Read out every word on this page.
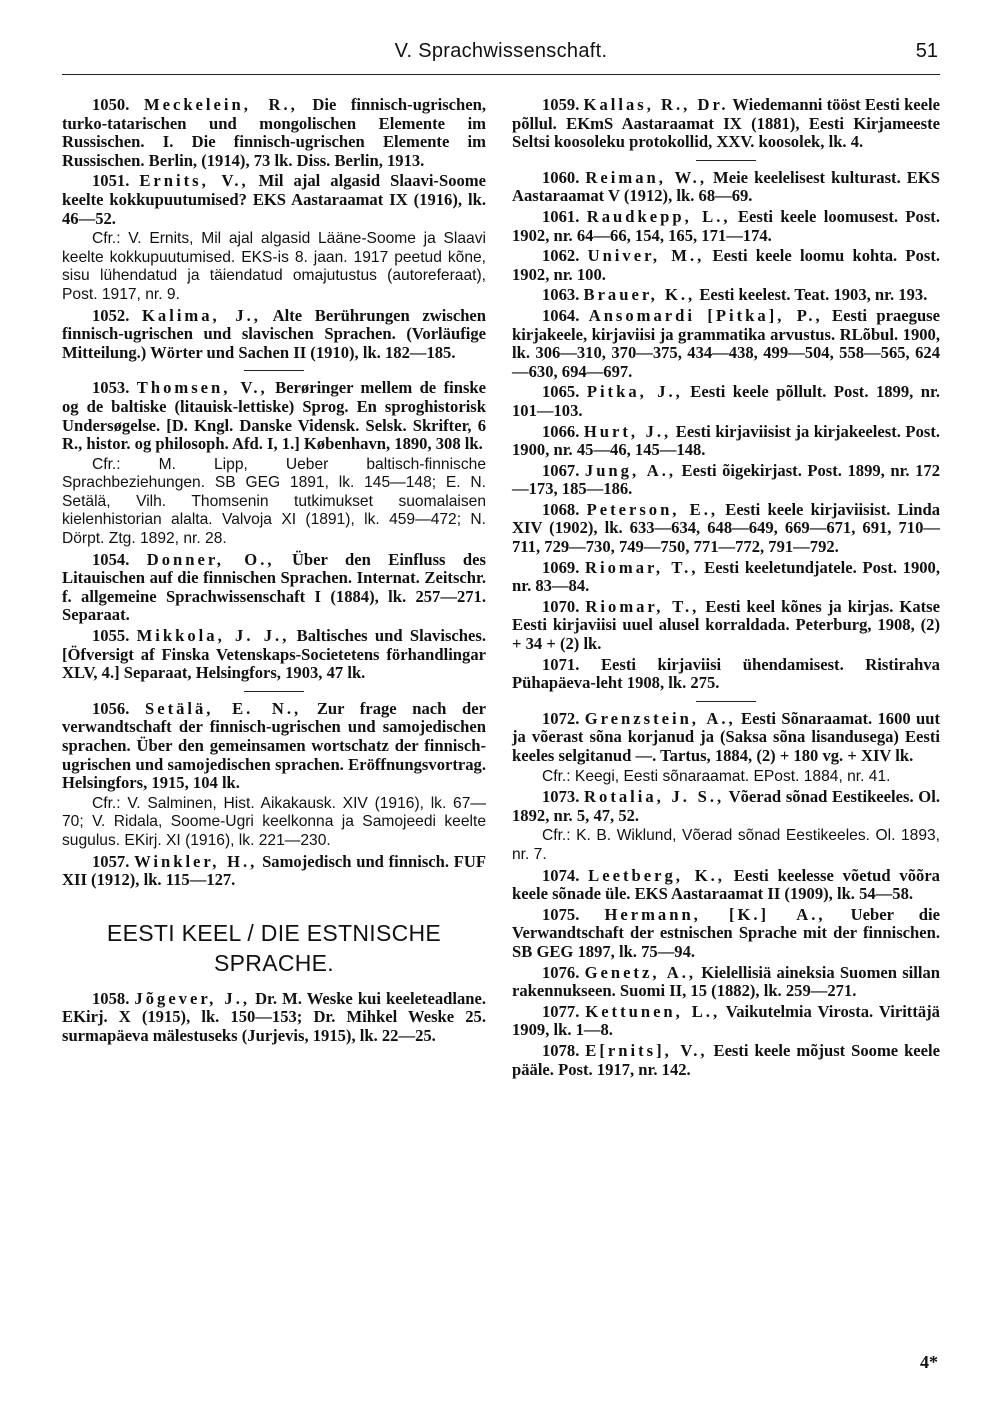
V. Sprachwissenschaft.	51

1050. Meckelein, R., Die finnisch-ugrischen, turko-tatarischen und mongolischen Elemente im Russischen. I. Die finnisch-ugrischen Elemente im Russischen. Berlin, (1914), 73 lk. Diss. Berlin, 1913.

1051. Ernits, V., Mil ajal algasid Slaavi-Soome keelte kokkupuutumised? EKS Aastaraamat IX (1916), lk. 46—52.

Cfr.: V. Ernits, Mil ajal algasid Lääne-Soome ja Slaavi keelte kokkupuutumised. EKS-is 8. jaan. 1917 peetud kõne, sisu lühendatud ja täiendatud omajutustus (autoreferaat), Post. 1917, nr. 9.

1052. Kalima, J., Alte Berührungen zwischen finnisch-ugrischen und slavischen Sprachen. (Vorläufige Mitteilung.) Wörter und Sachen II (1910), lk. 182—185.

1053. Thomsen, V., Berøringer mellem de finske og de baltiske (litauisk-lettiske) Sprog. En sproghistorisk Undersøgelse. [D. Kngl. Danske Vidensk. Selsk. Skrifter, 6 R., histor. og philosoph. Afd. I, 1.] København, 1890, 308 lk.

Cfr.: M. Lipp, Ueber baltisch-finnische Sprachbeziehungen. SB GEG 1891, lk. 145—148; E. N. Setälä, Vilh. Thomsenin tutkimukset suomalaisen kielenhistorian alalta. Valvoja XI (1891), lk. 459—472; N. Dörpt. Ztg. 1892, nr. 28.

1054. Donner, O., Über den Einfluss des Litauischen auf die finnischen Sprachen. Internat. Zeitschr. f. allgemeine Sprachwissenschaft I (1884), lk. 257—271. Separaat.

1055. Mikkola, J. J., Baltisches und Slavisches. [Öfversigt af Finska Vetenskaps-Societetens förhandlingar XLV, 4.] Separaat, Helsingfors, 1903, 47 lk.

1056. Setälä, E. N., Zur frage nach der verwandtschaft der finnisch-ugrischen und samojedischen sprachen. Über den gemeinsamen wortschatz der finnisch-ugrischen und samojedischen sprachen. Eröffnungsvortrag. Helsingfors, 1915, 104 lk.

Cfr.: V. Salminen, Hist. Aikakausk. XIV (1916), lk. 67—70; V. Ridala, Soome-Ugri keelkonna ja Samojeedi keelte sugulus. EKirj. XI (1916), lk. 221—230.

1057. Winkler, H., Samojedisch und finnisch. FUF XII (1912), lk. 115—127.

EESTI KEEL / DIE ESTNISCHE SPRACHE.

1058. Jõgever, J., Dr. M. Weske kui keeleteadlane. EKirj. X (1915), lk. 150—153; Dr. Mihkel Weske 25. surmapäeva mälestuseks (Jurjevis, 1915), lk. 22—25.

1059. Kallas, R., Dr. Wiedemanni tööst Eesti keele põllul. EKmS Aastaraamat IX (1881), Eesti Kirjameeste Seltsi koosoleku protokollid, XXV. koosolek, lk. 4.

1060. Reiman, W., Meie keelelisest kulturast. EKS Aastaraamat V (1912), lk. 68—69.

1061. Raudkepp, L., Eesti keele loomusest. Post. 1902, nr. 64—66, 154, 165, 171—174.

1062. Univer, M., Eesti keele loomu kohta. Post. 1902, nr. 100.

1063. Brauer, K., Eesti keelest. Teat. 1903, nr. 193.

1064. Ansomardi [Pitka], P., Eesti praeguse kirjakeele, kirjaviisi ja grammatika arvustus. RLõbul. 1900, lk. 306—310, 370—375, 434—438, 499—504, 558—565, 624—630, 694—697.

1065. Pitka, J., Eesti keele põllult. Post. 1899, nr. 101—103.

1066. Hurt, J., Eesti kirjaviisist ja kirjakeelest. Post. 1900, nr. 45—46, 145—148.

1067. Jung, A., Eesti õigekirjast. Post. 1899, nr. 172—173, 185—186.

1068. Peterson, E., Eesti keele kirjaviisist. Linda XIV (1902), lk. 633—634, 648—649, 669—671, 691, 710—711, 729—730, 749—750, 771—772, 791—792.

1069. Riomar, T., Eesti keeletundjatele. Post. 1900, nr. 83—84.

1070. Riomar, T., Eesti keel kõnes ja kirjas. Katse Eesti kirjaviisi uuel alusel korraldada. Peterburg, 1908, (2) + 34 + (2) lk.

1071. Eesti kirjaviisi ühendamisest. Ristirahva Pühapäeva-leht 1908, lk. 275.

1072. Grenzstein, A., Eesti Sõnaraamat. 1600 uut ja võerast sõna korjanud ja (Saksa sõna lisandusega) Eesti keeles selgitanud —. Tartus, 1884, (2) + 180 vg. + XIV lk.

Cfr.: Keegi, Eesti sõnaraamat. EPost. 1884, nr. 41.

1073. Rotalia, J. S., Võerad sõnad Eestikeeles. Ol. 1892, nr. 5, 47, 52.

Cfr.: K. B. Wiklund, Võerad sõnad Eestikeeles. Ol. 1893, nr. 7.

1074. Leetberg, K., Eesti keelesse võetud võõra keele sõnade üle. EKS Aastaraamat II (1909), lk. 54—58.

1075. Hermann, [K.] A., Ueber die Verwandtschaft der estnischen Sprache mit der finnischen. SB GEG 1897, lk. 75—94.

1076. Genetz, A., Kielellisiä aineksia Suomen sillan rakennukseen. Suomi II, 15 (1882), lk. 259—271.

1077. Kettunen, L., Vaikutelmia Virosta. Virittäjä 1909, lk. 1—8.

1078. E[rnits], V., Eesti keele mõjust Soome keele pääle. Post. 1917, nr. 142.

4*
